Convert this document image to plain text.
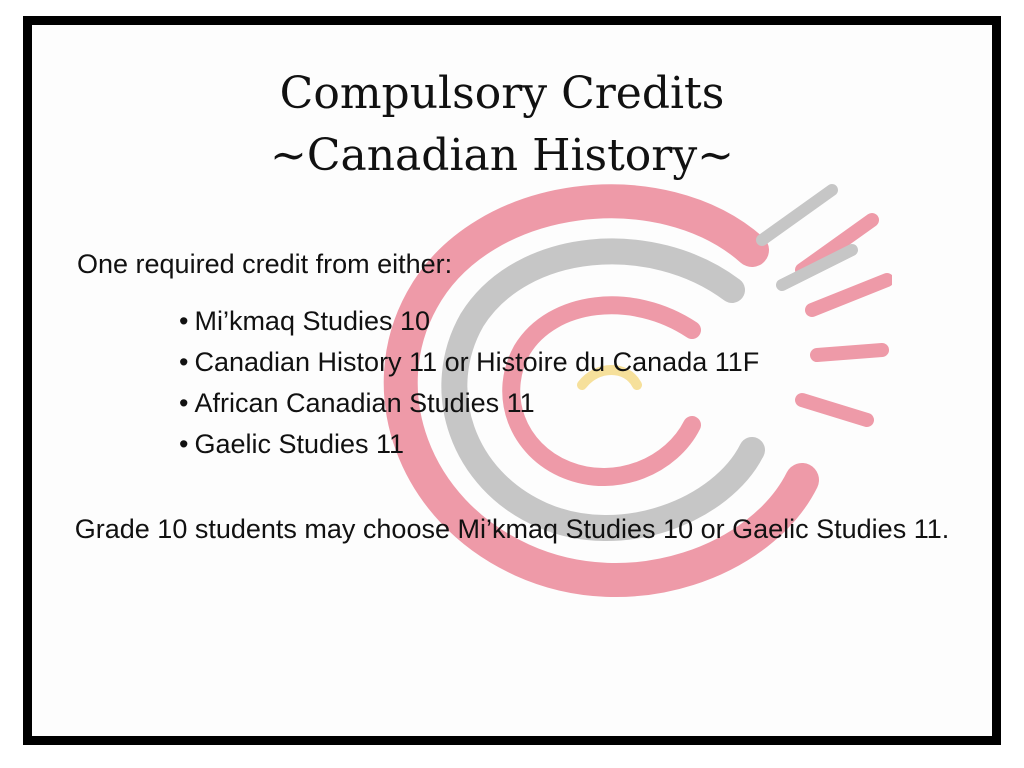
Compulsory Credits
~Canadian History~

One required credit from either:

• Mi’kmaq Studies 10
• Canadian History 11 or Histoire du Canada 11F
• African Canadian Studies 11
• Gaelic Studies 11

Grade 10 students may choose Mi’kmaq Studies 10 or Gaelic Studies 11.
